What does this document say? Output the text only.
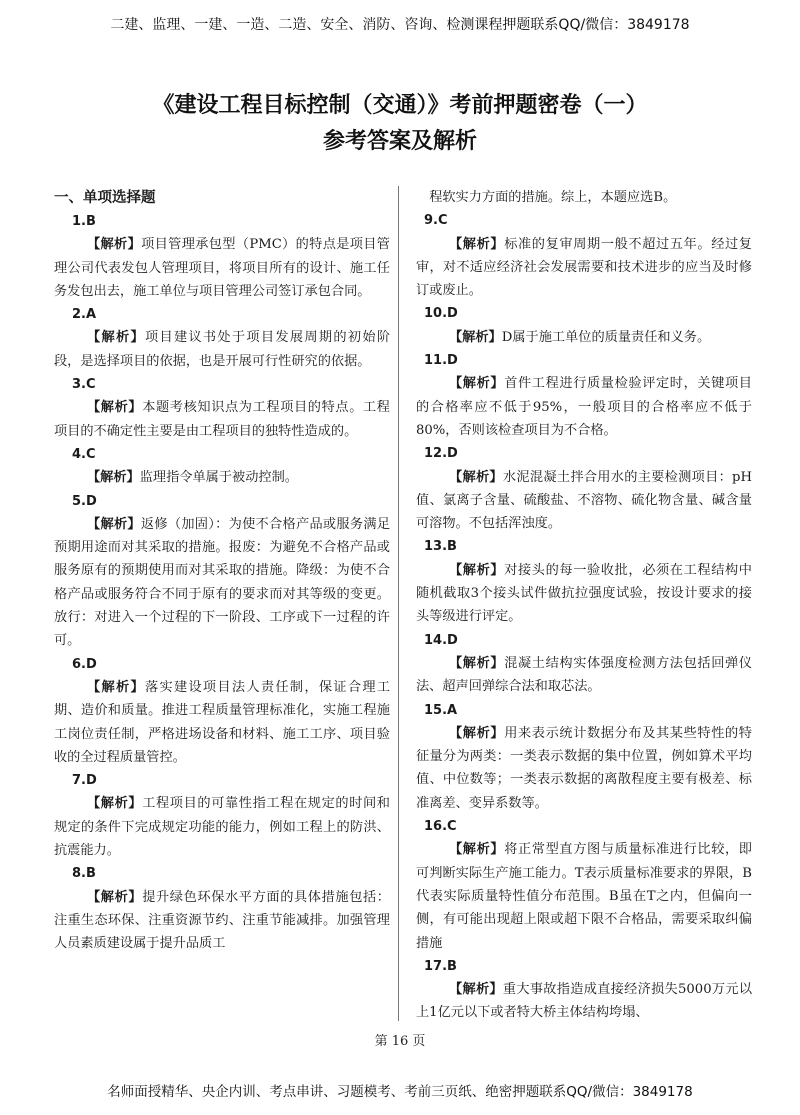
二建、监理、一建、一造、二造、安全、消防、咨询、检测课程押题联系QQ/微信：3849178
《建设工程目标控制（交通）》考前押题密卷（一）
参考答案及解析
一、单项选择题
1.B
【解析】项目管理承包型（PMC）的特点是项目管理公司代表发包人管理项目，将项目所有的设计、施工任务发包出去，施工单位与项目管理公司签订承包合同。
2.A
【解析】项目建议书处于项目发展周期的初始阶段，是选择项目的依据，也是开展可行性研究的依据。
3.C
【解析】本题考核知识点为工程项目的特点。工程项目的不确定性主要是由工程项目的独特性造成的。
4.C
【解析】监理指令单属于被动控制。
5.D
【解析】返修（加固）：为使不合格产品或服务满足预期用途而对其采取的措施。报废：为避免不合格产品或服务原有的预期使用而对其采取的措施。降级：为使不合格产品或服务符合不同于原有的要求而对其等级的变更。放行：对进入一个过程的下一阶段、工序或下一过程的许可。
6.D
【解析】落实建设项目法人责任制，保证合理工期、造价和质量。推进工程质量管理标准化，实施工程施工岗位责任制，严格进场设备和材料、施工工序、项目验收的全过程质量管控。
7.D
【解析】工程项目的可靠性指工程在规定的时间和规定的条件下完成规定功能的能力，例如工程上的防洪、抗震能力。
8.B
【解析】提升绿色环保水平方面的具体措施包括：注重生态环保、注重资源节约、注重节能减排。加强管理人员素质建设属于提升品质工
程软实力方面的措施。综上，本题应选B。
9.C
【解析】标准的复审周期一般不超过五年。经过复审，对不适应经济社会发展需要和技术进步的应当及时修订或废止。
10.D
【解析】D属于施工单位的质量责任和义务。
11.D
【解析】首件工程进行质量检验评定时，关键项目的合格率应不低于95%，一般项目的合格率应不低于80%，否则该检查项目为不合格。
12.D
【解析】水泥混凝土拌合用水的主要检测项目：pH值、氯离子含量、硫酸盐、不溶物、硫化物含量、碱含量可溶物。不包括浑浊度。
13.B
【解析】对接头的每一验收批，必须在工程结构中随机截取3个接头试件做抗拉强度试验，按设计要求的接头等级进行评定。
14.D
【解析】混凝土结构实体强度检测方法包括回弹仪法、超声回弹综合法和取芯法。
15.A
【解析】用来表示统计数据分布及其某些特性的特征量分为两类：一类表示数据的集中位置，例如算术平均值、中位数等；一类表示数据的离散程度主要有极差、标准离差、变异系数等。
16.C
【解析】将正常型直方图与质量标准进行比较，即可判断实际生产施工能力。T表示质量标准要求的界限，B代表实际质量特性值分布范围。B虽在T之内，但偏向一侧，有可能出现超上限或超下限不合格品，需要采取纠偏措施
17.B
【解析】重大事故指造成直接经济损失5000万元以上1亿元以下或者特大桥主体结构垮塌、
第 16 页
名师面授精华、央企内训、考点串讲、习题模考、考前三页纸、绝密押题联系QQ/微信：3849178
